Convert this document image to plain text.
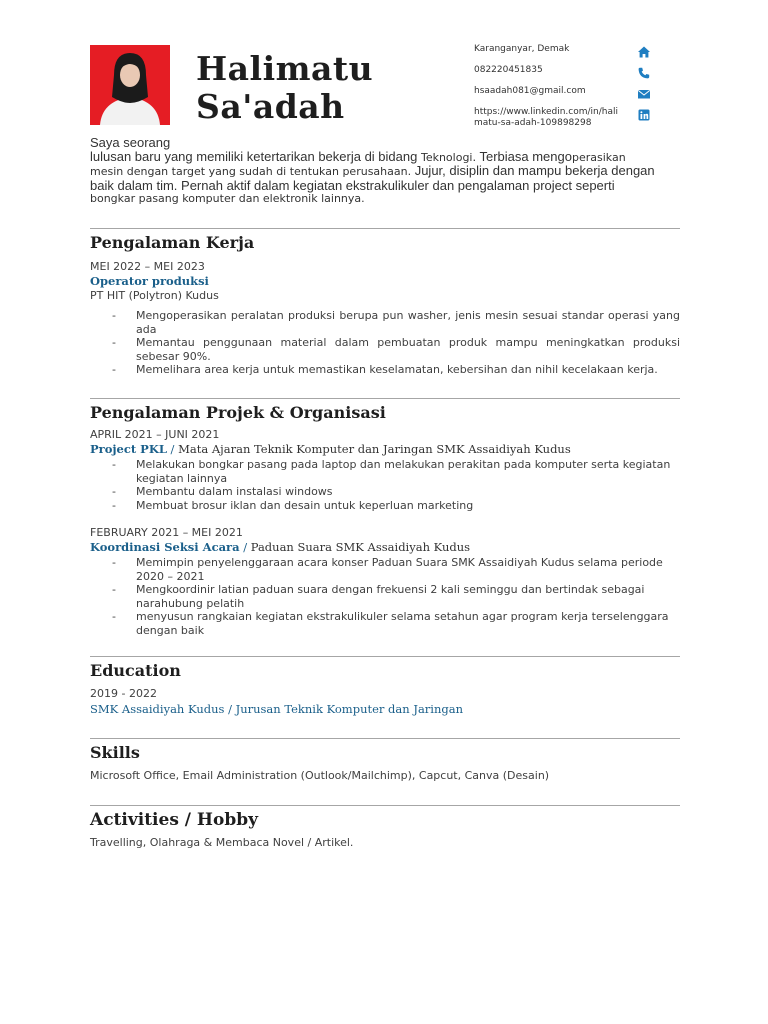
Halimatu
Sa'adah
Karanganyar, Demak
082220451835
hsaadah081@gmail.com
https://www.linkedin.com/in/hali
matu-sa-adah-109898298
Saya seorang
lulusan baru yang memiliki ketertarikan bekerja di bidang Teknologi. Terbiasa mengoperasikan
mesin dengan target yang sudah di tentukan perusahaan. Jujur, disiplin dan mampu bekerja dengan
baik dalam tim. Pernah aktif dalam kegiatan ekstrakulikuler dan pengalaman project seperti
bongkar pasang komputer dan elektronik lainnya.
Pengalaman Kerja
MEI 2022 – MEI 2023
Operator produksi
PT HIT (Polytron) Kudus
- Mengoperasikan peralatan produksi berupa pun washer, jenis mesin sesuai standar operasi yang ada
- Memantau penggunaan material dalam pembuatan produk mampu meningkatkan produksi sebesar 90%.
- Memelihara area kerja untuk memastikan keselamatan, kebersihan dan nihil kecelakaan kerja.
Pengalaman Projek & Organisasi
APRIL 2021 – JUNI 2021
Project PKL / Mata Ajaran Teknik Komputer dan Jaringan SMK Assaidiyah Kudus
- Melakukan bongkar pasang pada laptop dan melakukan perakitan pada komputer serta kegiatan kegiatan lainnya
- Membantu dalam instalasi windows
- Membuat brosur iklan dan desain untuk keperluan marketing
FEBRUARY 2021 – MEI 2021
Koordinasi Seksi Acara / Paduan Suara SMK Assaidiyah Kudus
- Memimpin penyelenggaraan acara konser Paduan Suara SMK Assaidiyah Kudus selama periode 2020 – 2021
- Mengkoordinir latian paduan suara dengan frekuensi 2 kali seminggu dan bertindak sebagai narahubung pelatih
- menyusun rangkaian kegiatan ekstrakulikuler selama setahun agar program kerja terselenggara dengan baik
Education
2019 - 2022
SMK Assaidiyah Kudus / Jurusan Teknik Komputer dan Jaringan
Skills
Microsoft Office, Email Administration (Outlook/Mailchimp), Capcut, Canva (Desain)
Activities / Hobby
Travelling, Olahraga & Membaca Novel / Artikel.
